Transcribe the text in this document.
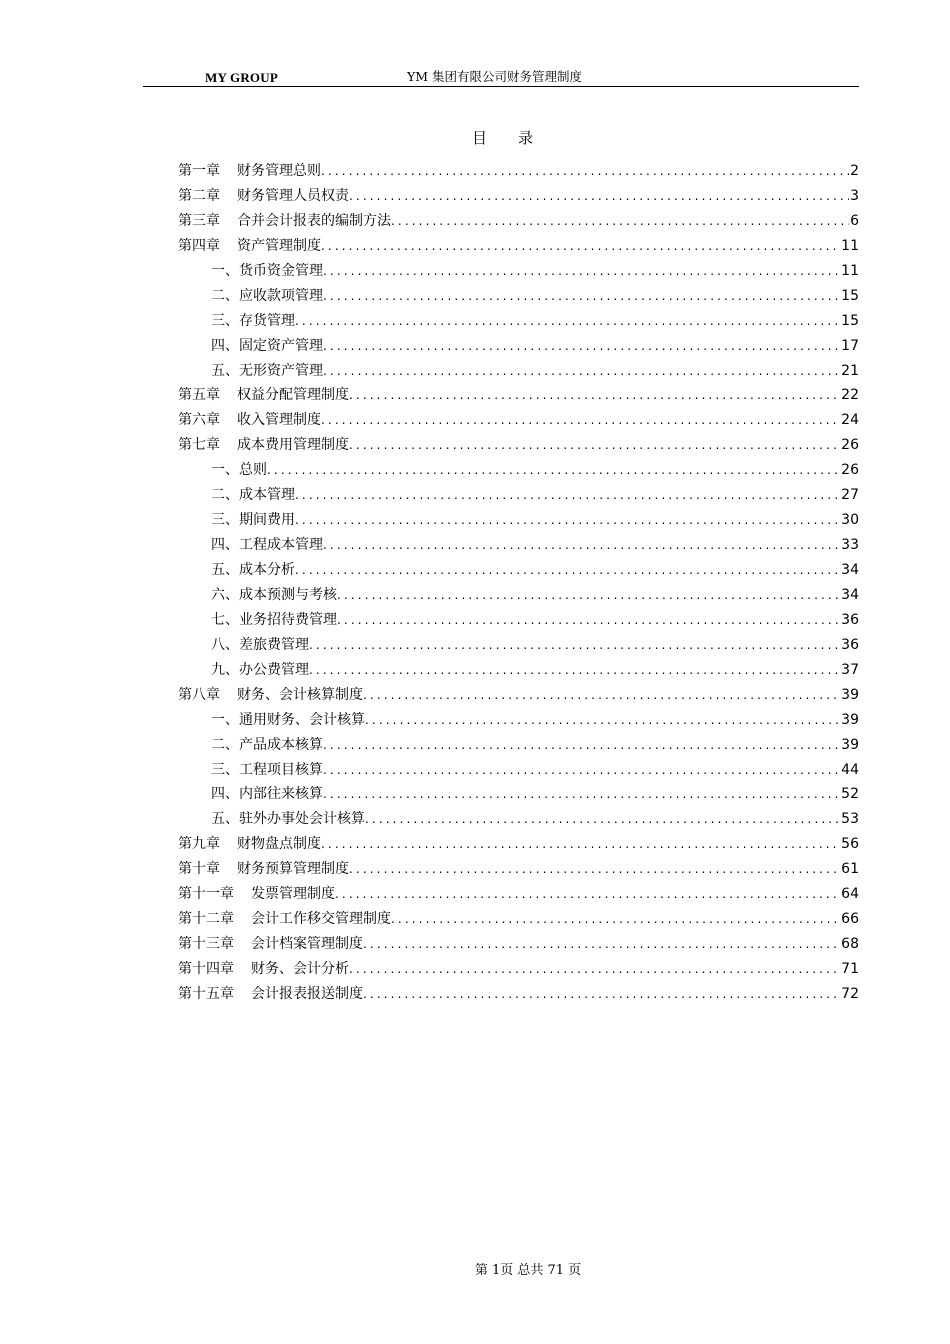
MY GROUP	YM 集团有限公司财务管理制度
目 录
第一章 财务管理总则 .....	2
第二章 财务管理人员权责 .....	3
第三章 合并会计报表的编制方法 .....	6
第四章 资产管理制度 .....	11
一、货币资金管理 .....	11
二、应收款项管理 .....	15
三、存货管理 .....	15
四、固定资产管理 .....	17
五、无形资产管理 .....	21
第五章 权益分配管理制度 .....	22
第六章 收入管理制度 .....	24
第七章 成本费用管理制度 .....	26
一、总则 .....	26
二、成本管理 .....	27
三、期间费用 .....	30
四、工程成本管理 .....	33
五、成本分析 .....	34
六、成本预测与考核 .....	34
七、业务招待费管理 .....	36
八、差旅费管理 .....	36
九、办公费管理 .....	37
第八章 财务、会计核算制度 .....	39
一、通用财务、会计核算 .....	39
二、产品成本核算 .....	39
三、工程项目核算 .....	44
四、内部往来核算 .....	52
五、驻外办事处会计核算 .....	53
第九章 财物盘点制度 .....	56
第十章 财务预算管理制度 .....	61
第十一章 发票管理制度 .....	64
第十二章 会计工作移交管理制度 .....	66
第十三章 会计档案管理制度 .....	68
第十四章 财务、会计分析 .....	71
第十五章 会计报表报送制度 .....	72
第 1页 总共 71 页
